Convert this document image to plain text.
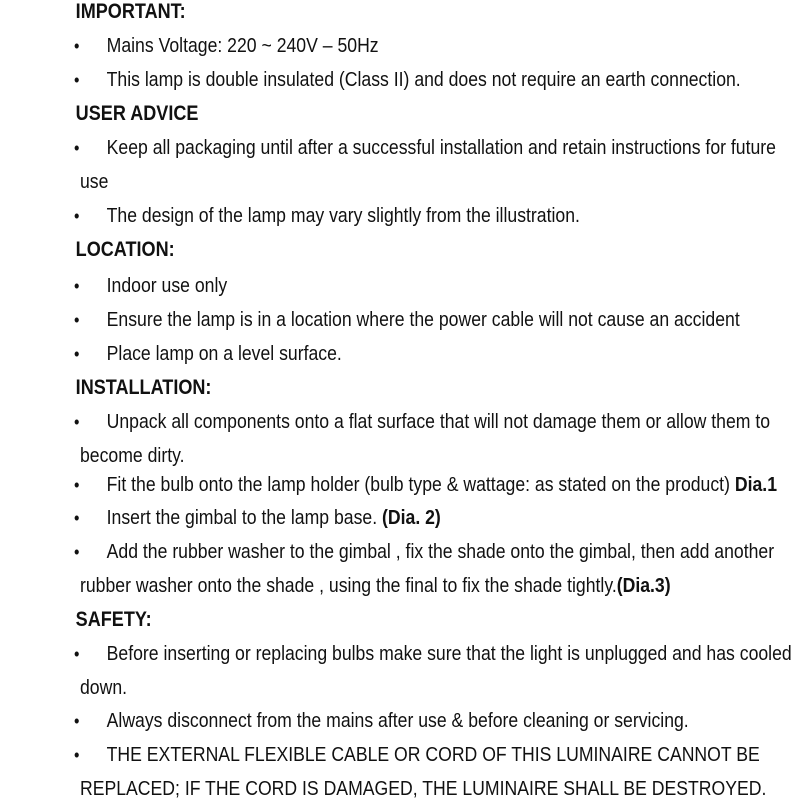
IMPORTANT:
• Mains Voltage: 220 ~ 240V – 50Hz
• This lamp is double insulated (Class II) and does not require an earth connection.
USER ADVICE
• Keep all packaging until after a successful installation and retain instructions for future
use
• The design of the lamp may vary slightly from the illustration.
LOCATION:
• Indoor use only
• Ensure the lamp is in a location where the power cable will not cause an accident
• Place lamp on a level surface.
INSTALLATION:
• Unpack all components onto a flat surface that will not damage them or allow them to
become dirty.
• Fit the bulb onto the lamp holder (bulb type & wattage: as stated on the product) Dia.1
• Insert the gimbal to the lamp base. (Dia. 2)
• Add the rubber washer to the gimbal , fix the shade onto the gimbal, then add another
rubber washer onto the shade , using the final to fix the shade tightly.(Dia.3)
SAFETY:
• Before inserting or replacing bulbs make sure that the light is unplugged and has cooled
down.
• Always disconnect from the mains after use & before cleaning or servicing.
• THE EXTERNAL FLEXIBLE CABLE OR CORD OF THIS LUMINAIRE CANNOT BE
REPLACED; IF THE CORD IS DAMAGED, THE LUMINAIRE SHALL BE DESTROYED.
